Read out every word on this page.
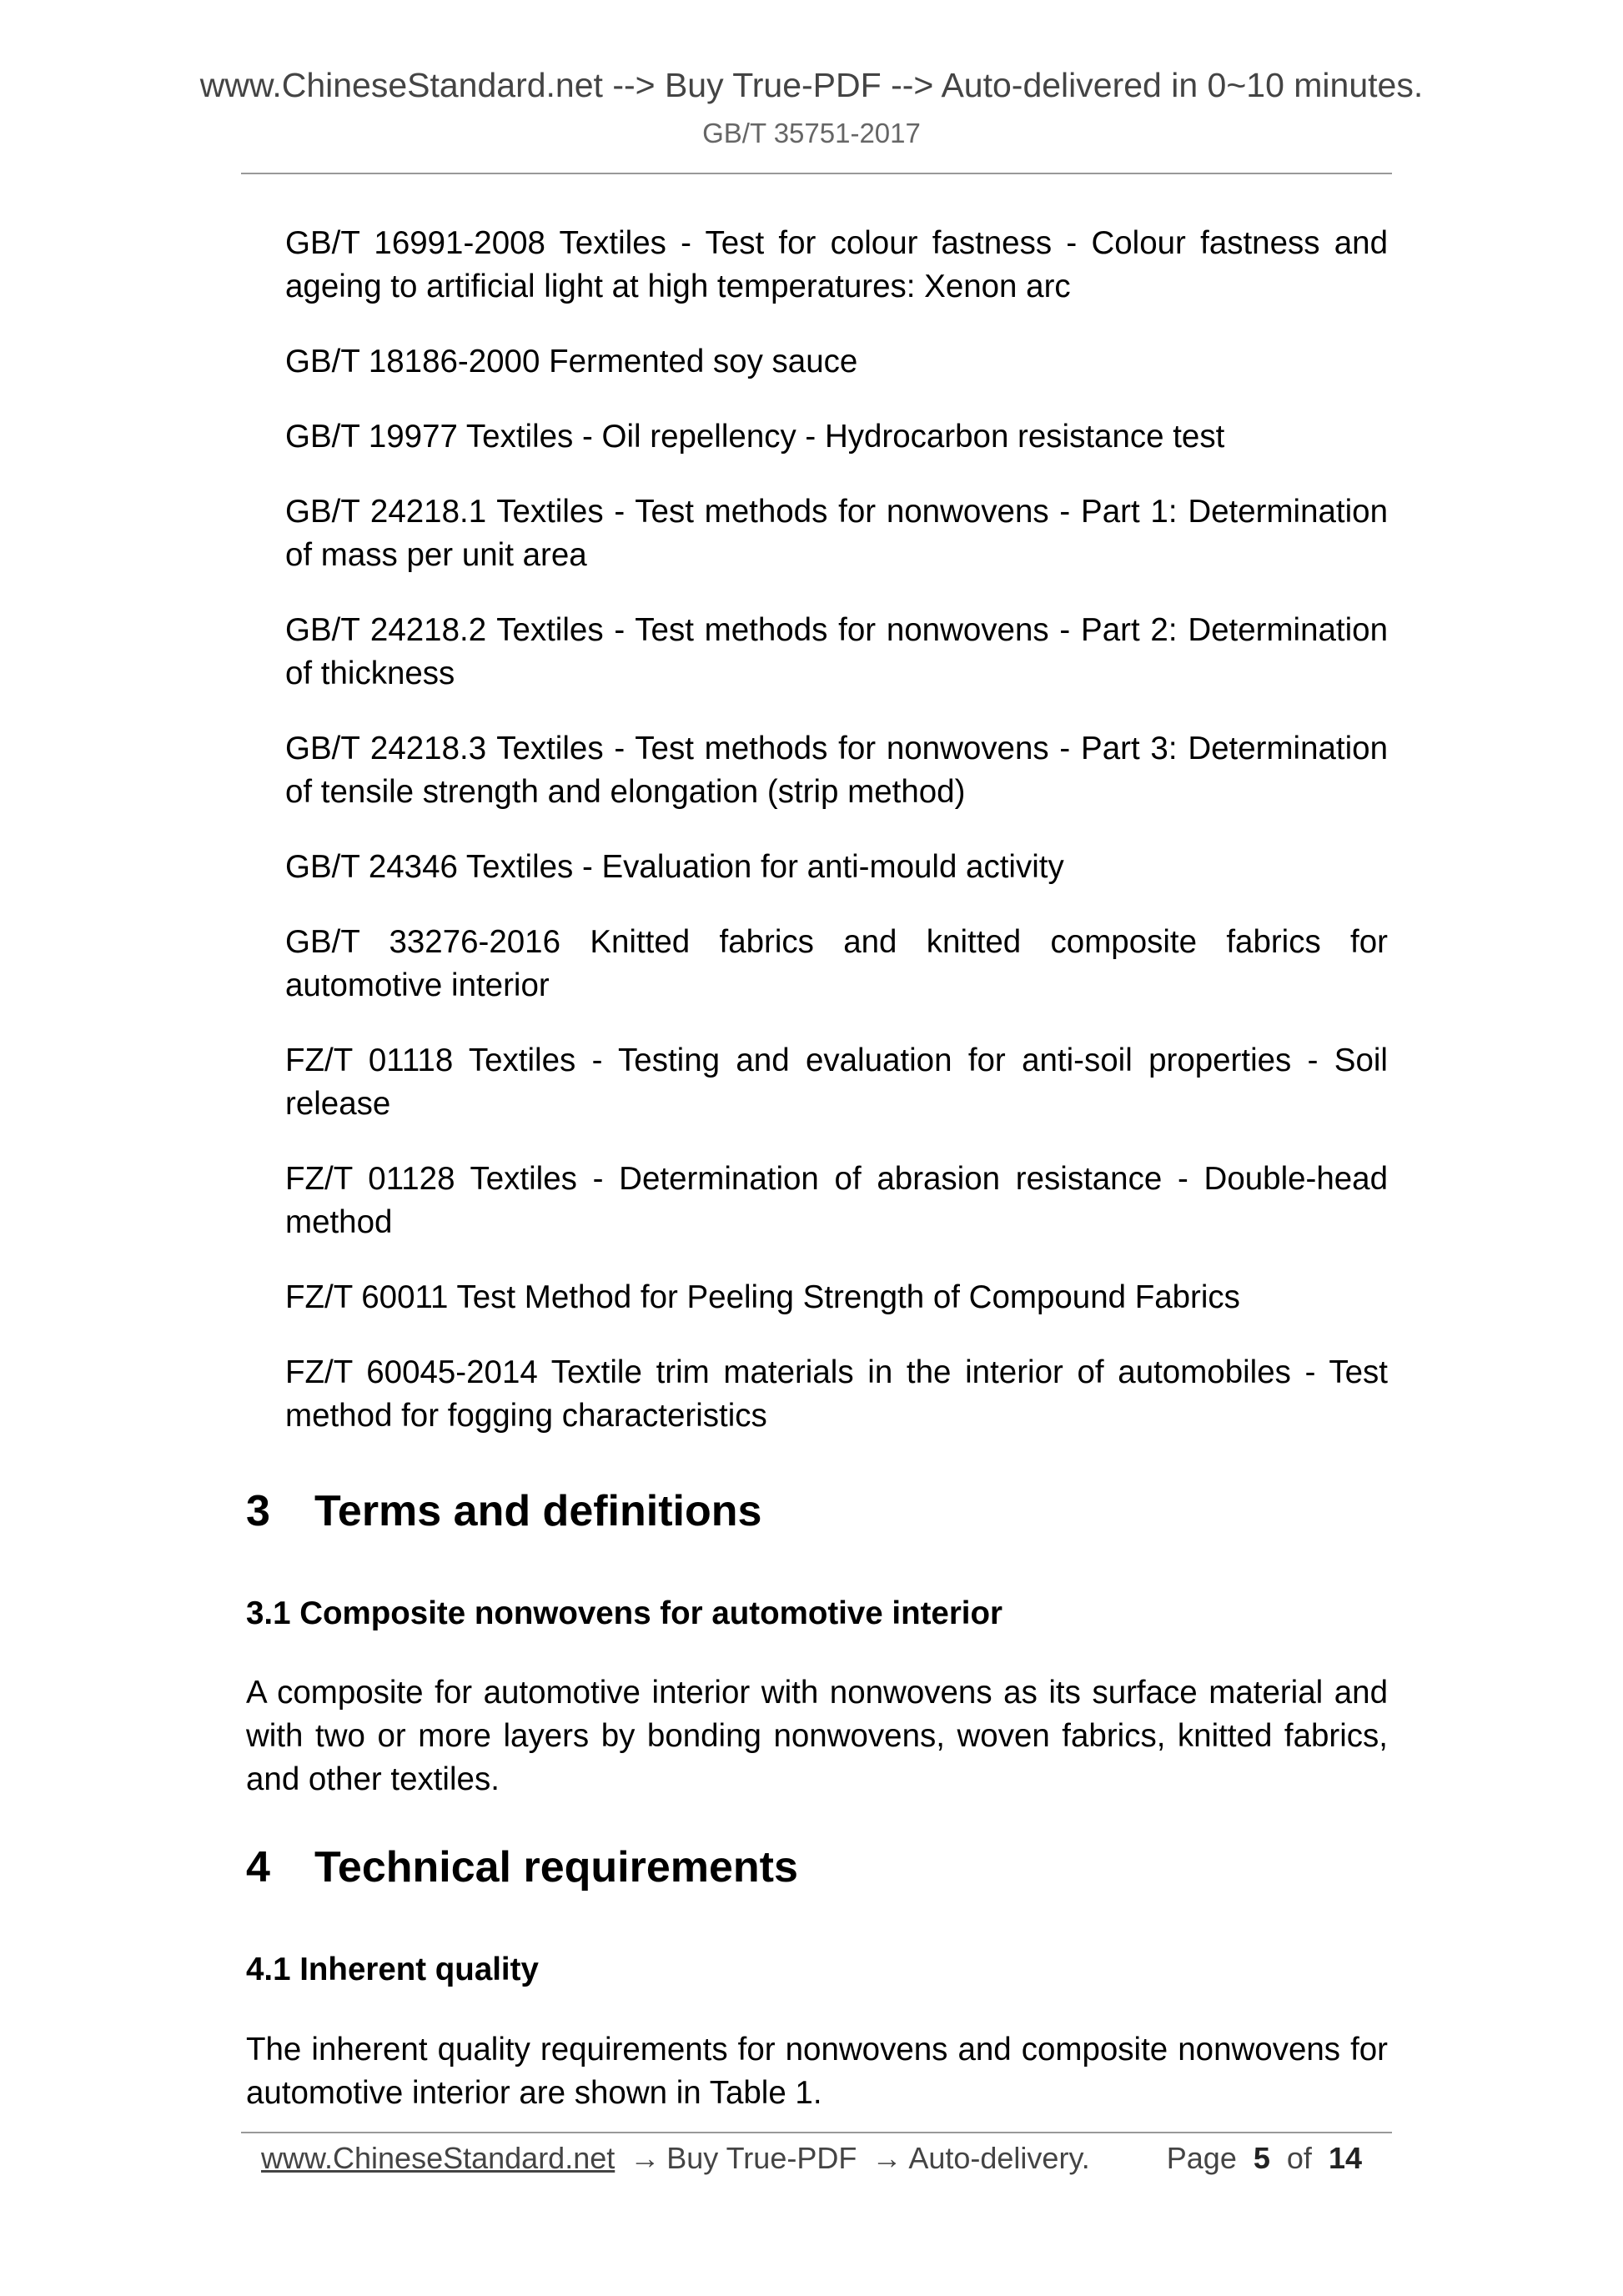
www.ChineseStandard.net --> Buy True-PDF --> Auto-delivered in 0~10 minutes.
GB/T 35751-2017
GB/T 16991-2008 Textiles - Test for colour fastness - Colour fastness and ageing to artificial light at high temperatures: Xenon arc
GB/T 18186-2000 Fermented soy sauce
GB/T 19977 Textiles - Oil repellency - Hydrocarbon resistance test
GB/T 24218.1 Textiles - Test methods for nonwovens - Part 1: Determination of mass per unit area
GB/T 24218.2 Textiles - Test methods for nonwovens - Part 2: Determination of thickness
GB/T 24218.3 Textiles - Test methods for nonwovens - Part 3: Determination of tensile strength and elongation (strip method)
GB/T 24346 Textiles - Evaluation for anti-mould activity
GB/T 33276-2016 Knitted fabrics and knitted composite fabrics for automotive interior
FZ/T 01118 Textiles - Testing and evaluation for anti-soil properties - Soil release
FZ/T 01128 Textiles - Determination of abrasion resistance - Double-head method
FZ/T 60011 Test Method for Peeling Strength of Compound Fabrics
FZ/T 60045-2014 Textile trim materials in the interior of automobiles - Test method for fogging characteristics
3 Terms and definitions
3.1 Composite nonwovens for automotive interior

A composite for automotive interior with nonwovens as its surface material and with two or more layers by bonding nonwovens, woven fabrics, knitted fabrics, and other textiles.

4 Technical requirements
4.1 Inherent quality

The inherent quality requirements for nonwovens and composite nonwovens for automotive interior are shown in Table 1.

www.ChineseStandard.net → Buy True-PDF → Auto-delivery.	Page 5 of 14
